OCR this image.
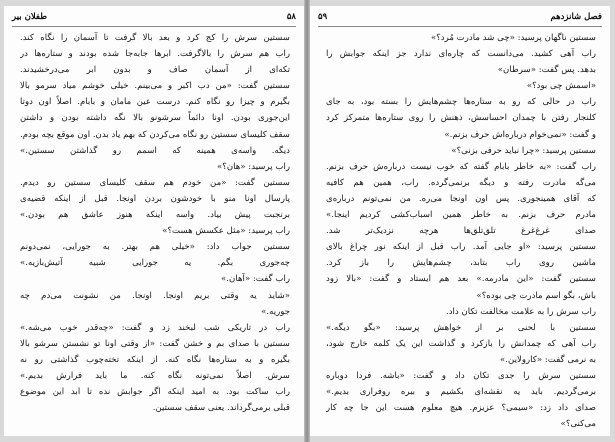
۵۸
طفلان بیر
سستین سرش را کج کرد و بعد بالا گرفت تا آسمان را نگاه کند.
راب هم سرش را بالاگرفت. ابرها جابه‌جا شده بودند و ستاره‌ها در
تکه‌ای از آسمان صاف و بدون ابر می‌درخشیدند.
سستین گفت: «من دب اکبر و می‌بینم. خیلی خوشم میاد سرمو بالا
بگیرم و چیزا رو نگاه کنم. درست عین مامان و بابام. اصلاً اون دوتا
این‌جوری بودن. اونا دائماً سرشونو بالا نگه داشته بودن و داشتن
سقف کلیسای سستین رو نگاه می‌کردن که بهم یاد بدن. اون موقع بچه بودم.
دیگه. واسه‌ی همینه که اسمم رو گذاشتن سستین.»
راب پرسید: «هان؟»
سستین گفت: «من خودم هم سقف کلیسای سستین رو دیدم.
پارسال اونا منو با خودشون بردن اونجا. قبل از اینکه قضیه‌ی
برنجبت پیش بیاد. واسه اینکه هنوز عاشق هم بودن.»
راب پرسید: «مثل عکسش هست؟»
سستین جواب داد: «خیلی هم بهتر. به جورایی، نمی‌دونم
چه‌جوری بگم. یه جورایی شبیه آتیش‌بازیه.»
راب گفت: «آهان.»
«شاید یه وقتی بریم اونجا. اونجا. من نشونت می‌دم چه
جوریه.»
راب در تاریکی شب لبخند زد و گفت: «چه‌قدر خوب می‌شه.»
سستین با صدای بم و خشن گفت: «از وقتی اونا تو نشستن سرشو بالا
بگیره و به ستاره‌ها نگاه کنه. از اینکه تخته‌چوب گذاشتی رو نه
سرش. اصلاً نمی‌تونه نگاه کنه. ما باید فرارش بدیم.»
راب ساکت بود. به امید اینکه اگر جوابش نده تا ابد این موضوع
قبلی برمی‌گرداند. یعنی سقف سستین.
فصل شانزدهم
۵۹
سستین ناگهان پرسید: «چی شد مادرت مُرد؟»
راب آهی کشید. می‌دانست که چاره‌ای ندارد جز اینکه جوابش را
بدهد. پس گفت: «سرطان»
«اسمش چی بود؟»
راب در حالی که رو به ستاره‌ها چشم‌هایش را بسته بود، به جای
کلنجار رفتن با چمدان احساسش، ذهنش را روی ستاره‌ها متمرکز کرد
و گفت: «نمی‌خوام درباره‌اش حرف بزنم.»
سستین پرسید: «چرا نباید حرفی بزنی؟»
راب گفت: «به خاطر بابام گفته که خوب نیست درباره‌ش حرف بزنم.
می‌گه مادرت رفته و دیگه برنمی‌گرده. راب، همین هم کافیه
که آقای همینجوری. پس اون اونجا می‌ره. من نمی‌تونم درباره‌ی
مادرم حرف بزنم. به خاطر همین اسباب‌کشی کردیم اینجا.»
صدای غرغ‌غرغ تلق‌تلق‌ها هرچه نزدیک‌تر شد.
سستین پرسید: «او جایی آمد. راب قبل از اینکه نور چراغ بالای
ماشین روی راب بتابد، چشم‌هایش را باز کرد.
سستین گفت: «این مادرمه.» بعد هم ایستاد و گفت: «بالا زود
باش، بگو اسم مادرت چی بوده؟»
راب سرش را به علامت مخالفت تکان داد.
سستین با لحنی بر از خواهش پرسید: «بگو دیگه.»
راب آهی که چمدانش را بازکرد و گذاشت این یک کلمه خارج شود،
به نرمی گفت: «کارولاین.»
سستین سرش را جدی تکان داد و گفت: «باشه. فردا دوباره
برمی‌گردیم. باید یه نقشه‌ای بکشیم و ببره روفراری بدیم.»
صدای داد زد: «سیمی؟ عزیزم. هیچ معلوم هست این جا چه کار
می‌کنی؟»
